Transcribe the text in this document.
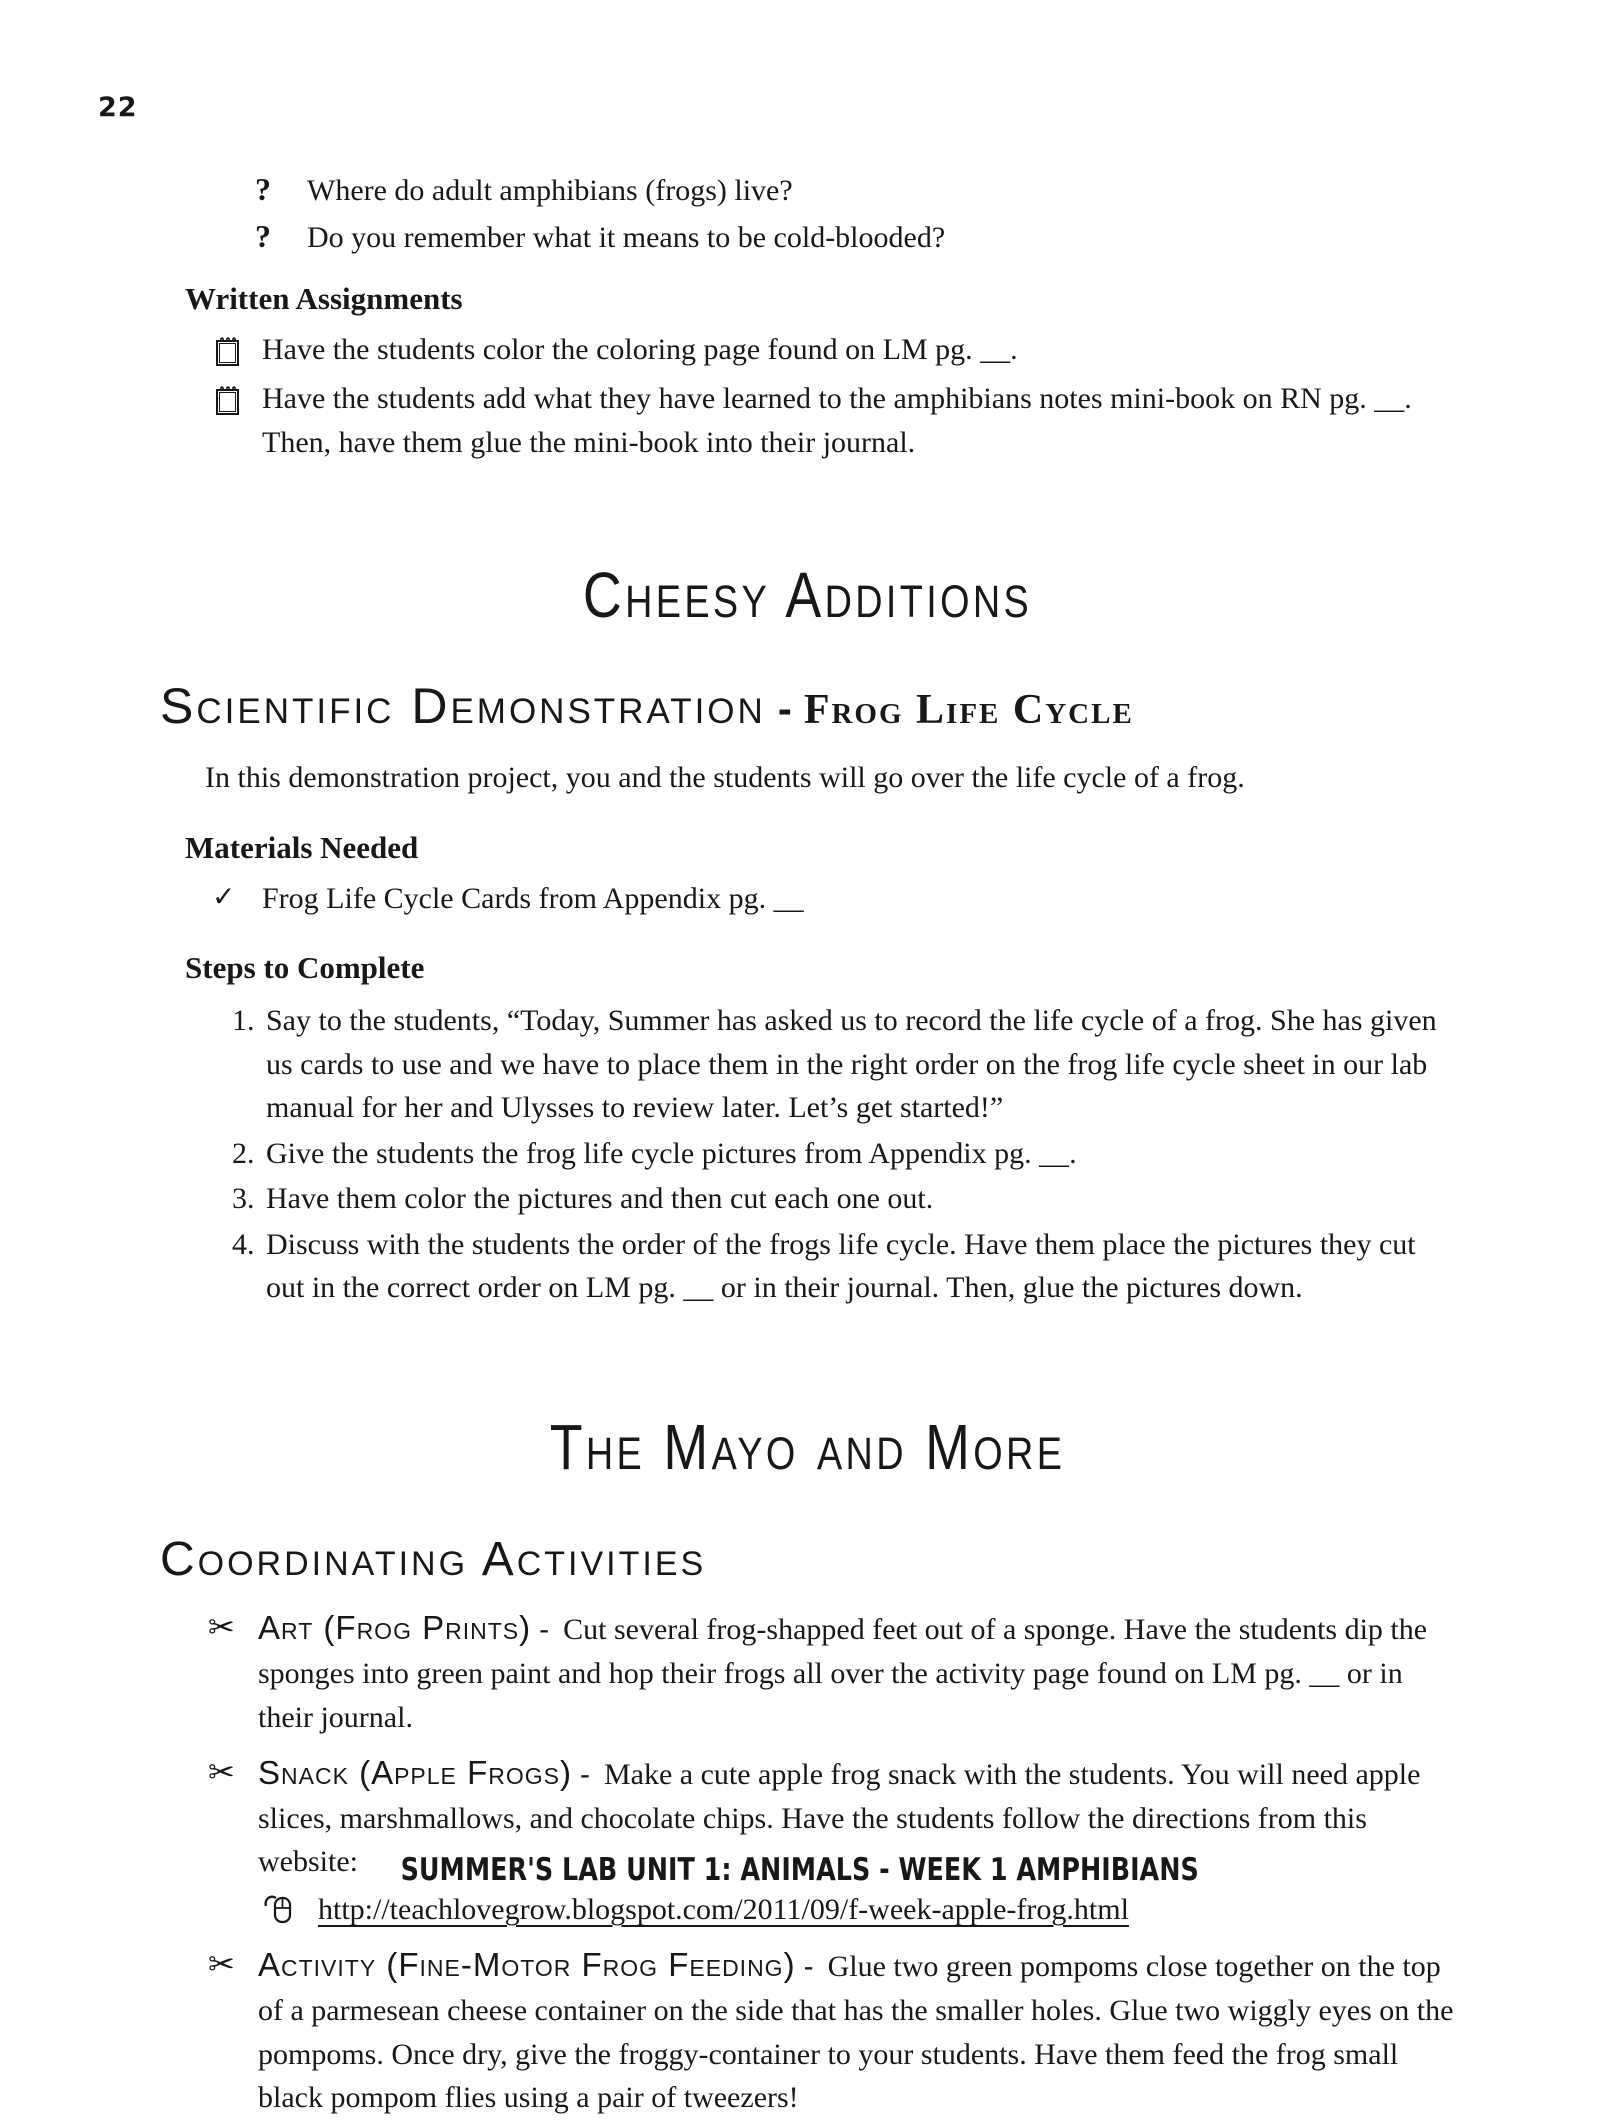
22
?	Where do adult amphibians (frogs) live?
?	Do you remember what it means to be cold-blooded?
Written Assignments
Have the students color the coloring page found on LM pg. __.
Have the students add what they have learned to the amphibians notes mini-book on RN pg. __. Then, have them glue the mini-book into their journal.
Cheesy Additions
Scientific Demonstration - Frog Life Cycle

In this demonstration project, you and the students will go over the life cycle of a frog.

Materials Needed
✓ Frog Life Cycle Cards from Appendix pg. __
Steps to Complete
1. Say to the students, “Today, Summer has asked us to record the life cycle of a frog. She has given us cards to use and we have to place them in the right order on the frog life cycle sheet in our lab manual for her and Ulysses to review later. Let’s get started!”
2. Give the students the frog life cycle pictures from Appendix pg. __.
3. Have them color the pictures and then cut each one out.
4. Discuss with the students the order of the frogs life cycle. Have them place the pictures they cut out in the correct order on LM pg. __ or in their journal. Then, glue the pictures down.
The Mayo and More
Coordinating Activities
✂ Art (Frog Prints) - Cut several frog-shapped feet out of a sponge. Have the students dip the sponges into green paint and hop their frogs all over the activity page found on LM pg. __ or in their journal.
✂ Snack (Apple Frogs) - Make a cute apple frog snack with the students. You will need apple slices, marshmallows, and chocolate chips. Have the students follow the directions from this website:
http://teachlovegrow.blogspot.com/2011/09/f-week-apple-frog.html
✂ Activity (Fine-Motor Frog Feeding) - Glue two green pompoms close together on the top of a parmesean cheese container on the side that has the smaller holes. Glue two wiggly eyes on the pompoms. Once dry, give the froggy-container to your students. Have them feed the frog small black pompom flies using a pair of tweezers!
SUMMER'S LAB UNIT 1: ANIMALS - WEEK 1 AMPHIBIANS
